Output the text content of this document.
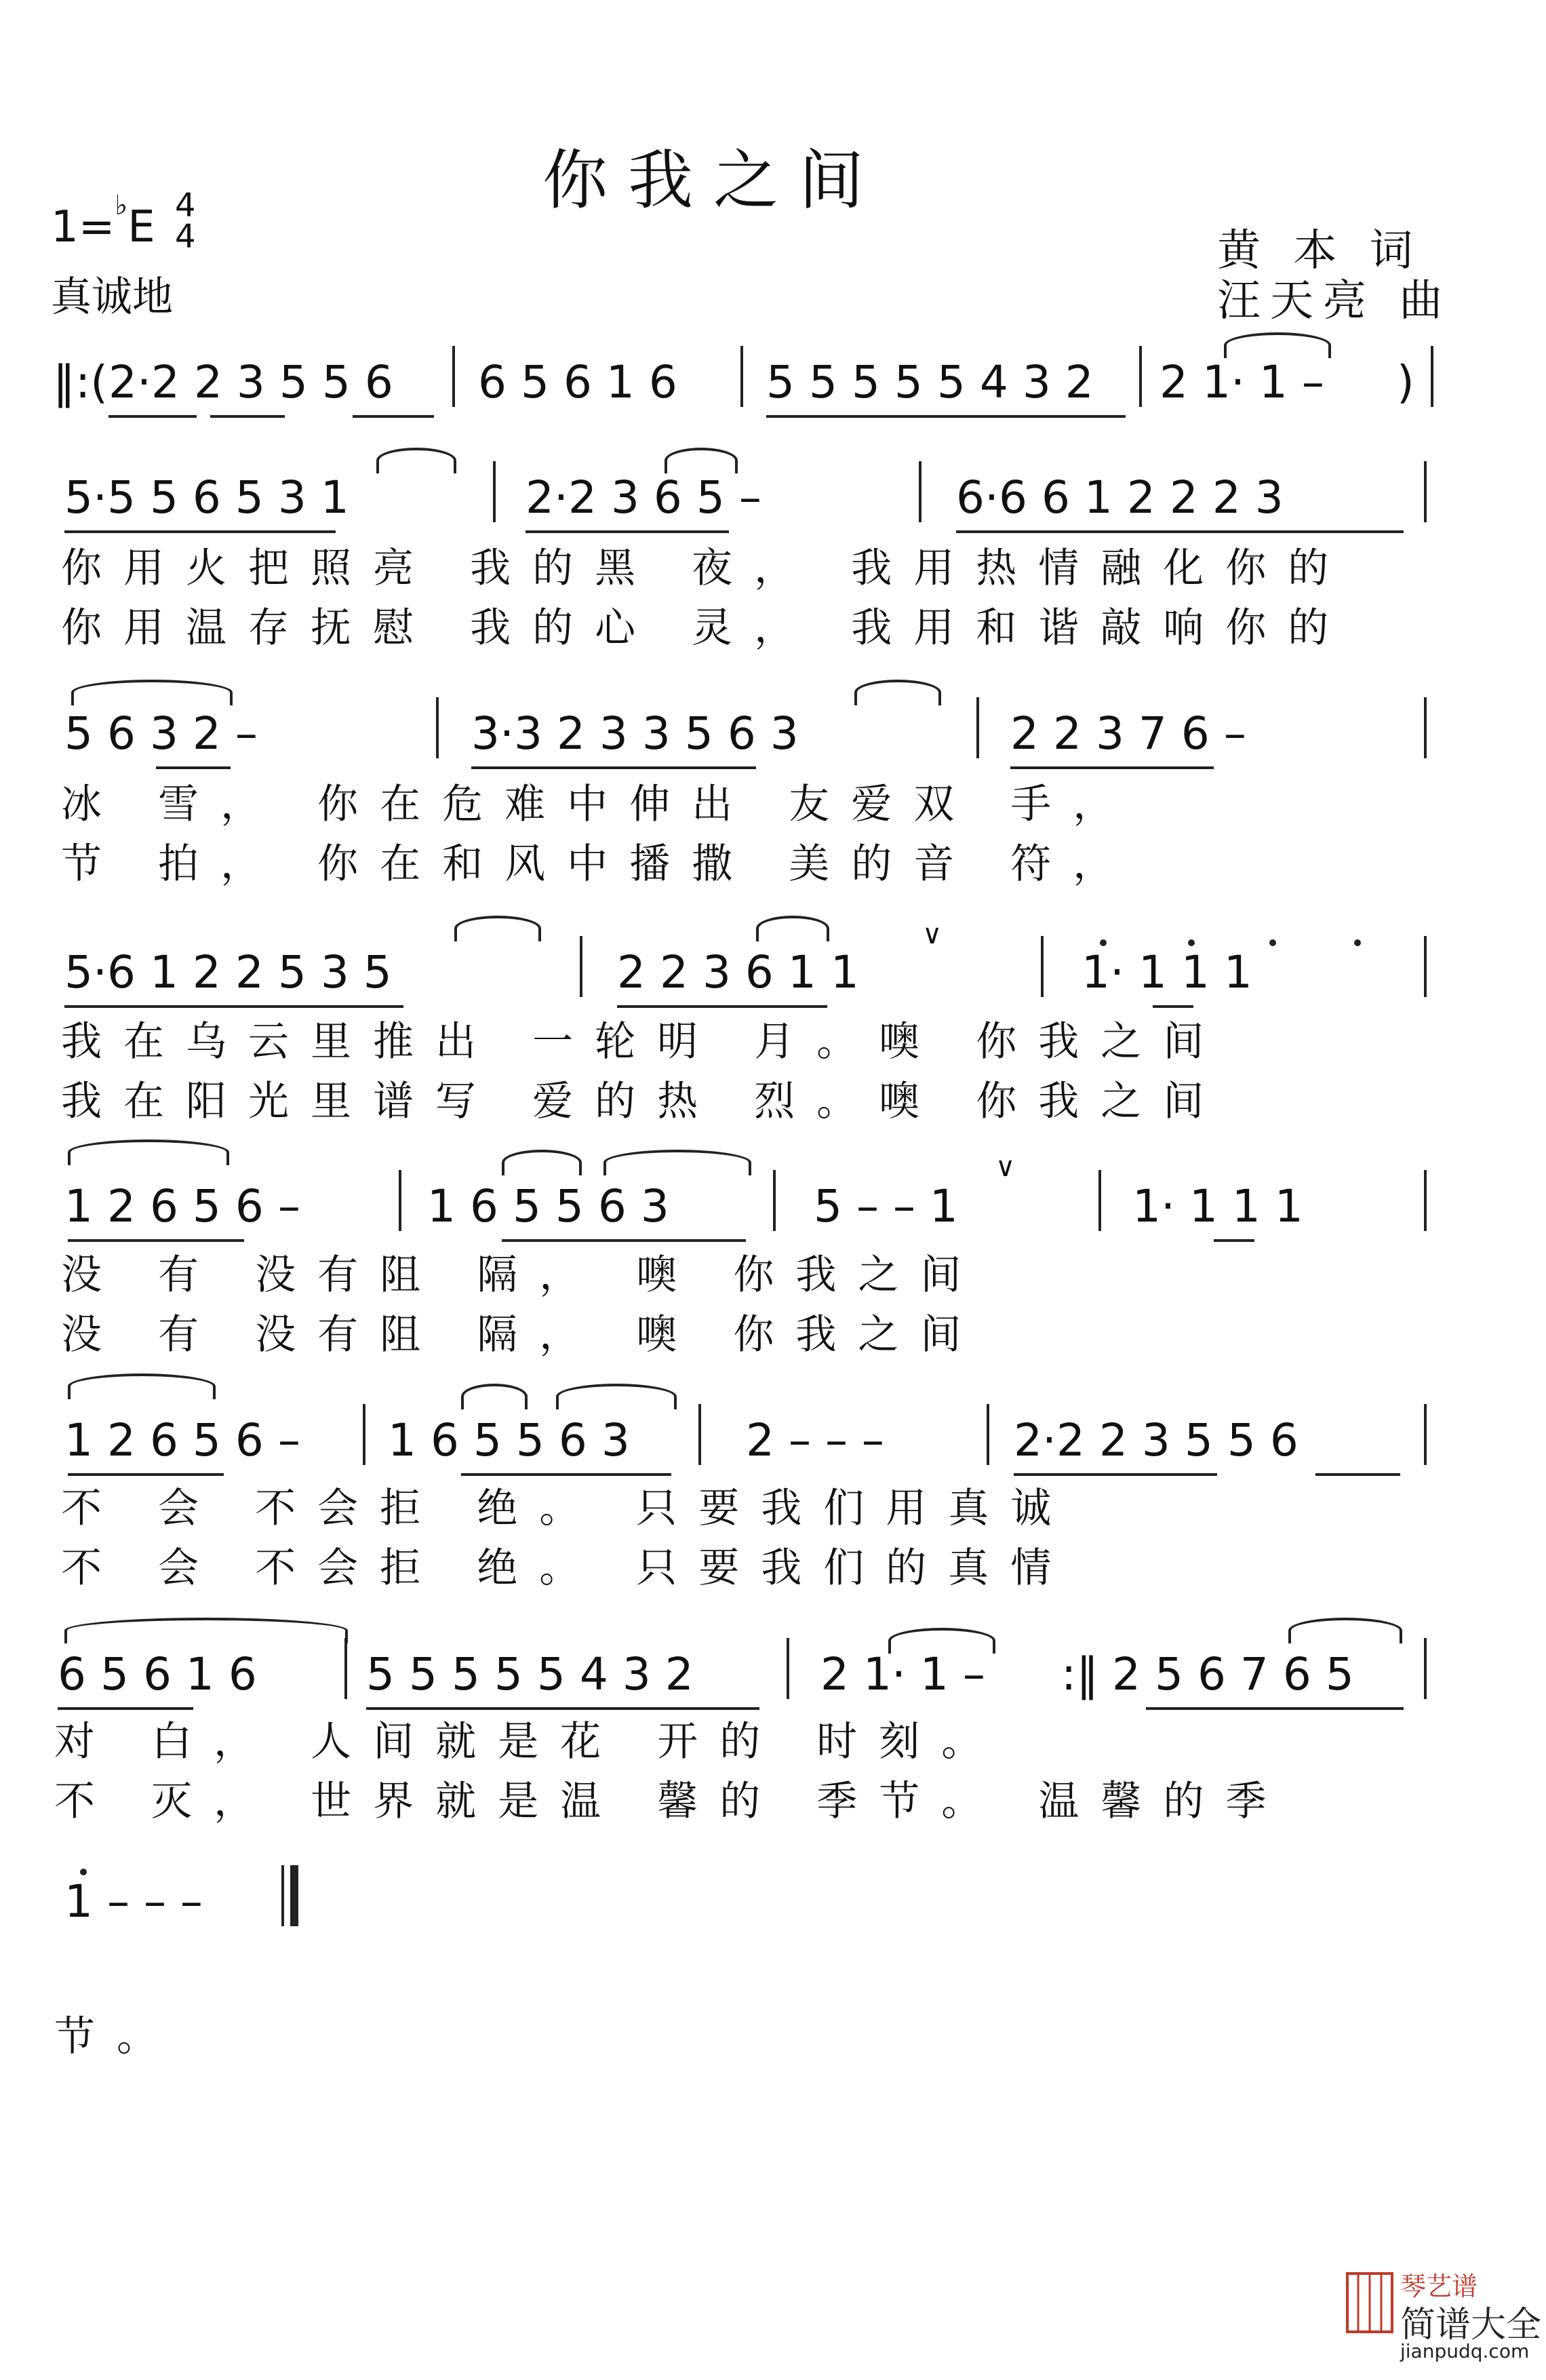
你我之间
1=♭E 4
4
真诚地
黄 本 词
汪天亮 曲
‖:( 2·2 2 3 5 5 6 6 5 6 1 6 5 5 5 5 5 4 3 2 2 1· 1 – )
5·5 5 6 5 3 1	2·2 3 6 5 –	6·6 6 1 2 2 2 3
你用火把照亮 我的黑 夜， 我用热情融化你的
你用温存抚慰 我的心 灵， 我用和谐敲响你的
5 6 3 2 –	3·3 2 3 3 5 6 3	2 2 3 7 6 –
冰 雪， 你在危难中伸出 友爱双 手，
节 拍， 你在和风中播撒 美的音 符，
5·6 1 2 2 5 3 5	2 2 3 6 1 1	1· 1 1 1
∨
我在乌云里推出 一轮明 月。噢 你我之间
我在阳光里谱写 爱的热 烈。噢 你我之间
1 2 6 5 6 –	1 6 5 5 6 3	5 – – 1	1· 1 1 1
∨
没 有 没有阻 隔， 噢 你我之间
没 有 没有阻 隔， 噢 你我之间
1 2 6 5 6 – 1 6 5 5 6 3	2 – – –	2·2 2 3 5 5 6
不 会 不会拒 绝。 只要我们用真诚
不 会 不会拒 绝。 只要我们的真情
6 5 6 1 6 5 5 5 5 5 4 3 2	2 1· 1 – :‖ 2 5 6 7 6 5
对 白， 人间就是花 开的 时刻。
不 灭， 世界就是温 馨的 季节。 温馨的季
1 – – –
节。
琴艺谱
简谱大全
jianpudq.com
